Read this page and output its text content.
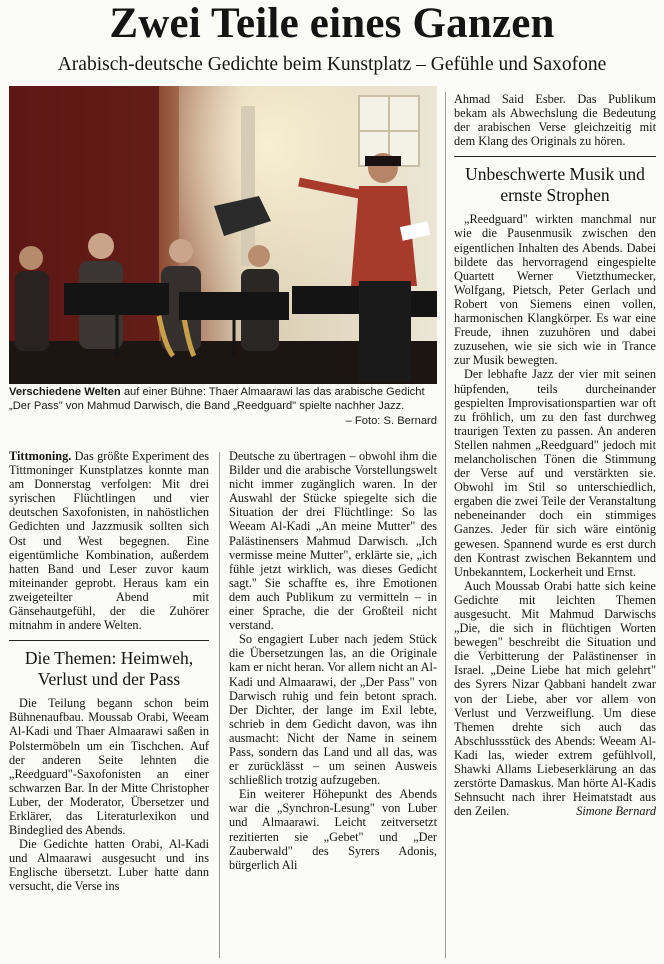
Zwei Teile eines Ganzen
Arabisch-deutsche Gedichte beim Kunstplatz – Gefühle und Saxofone
Verschiedene Welten auf einer Bühne: Thaer Almaarawi las das arabische Gedicht „Der Pass" von Mahmud Darwisch, die Band „Reedguard" spielte nachher Jazz.
– Foto: S. Bernard

Tittmoning. Das größte Experiment des Tittmoninger Kunstplatzes konnte man am Donnerstag verfolgen: Mit drei syrischen Flüchtlingen und vier deutschen Saxofonisten, in nahöstlichen Gedichten und Jazzmusik sollten sich Ost und West begegnen. Eine eigentümliche Kombination, außerdem hatten Band und Leser zuvor kaum miteinander geprobt. Heraus kam ein zweigeteilter Abend mit Gänsehautgefühl, der die Zuhörer mitnahm in andere Welten.

Die Themen: Heimweh, Verlust und der Pass

Die Teilung begann schon beim Bühnenaufbau. Moussab Orabi, Weeam Al-Kadi und Thaer Almaarawi saßen in Polstermöbeln um ein Tischchen. Auf der anderen Seite lehnten die „Reedguard"-Saxofonisten an einer schwarzen Bar. In der Mitte Christopher Luber, der Moderator, Übersetzer und Erklärer, das Literaturlexikon und Bindeglied des Abends.

Die Gedichte hatten Orabi, Al-Kadi und Almaarawi ausgesucht und ins Englische übersetzt. Luber hatte dann versucht, die Verse ins

Deutsche zu übertragen – obwohl ihm die Bilder und die arabische Vorstellungswelt nicht immer zugänglich waren. In der Auswahl der Stücke spiegelte sich die Situation der drei Flüchtlinge: So las Weeam Al-Kadi „An meine Mutter" des Palästinensers Mahmud Darwisch. „Ich vermisse meine Mutter", erklärte sie, „ich fühle jetzt wirklich, was dieses Gedicht sagt." Sie schaffte es, ihre Emotionen dem auch Publikum zu vermitteln – in einer Sprache, die der Großteil nicht verstand.

So engagiert Luber nach jedem Stück die Übersetzungen las, an die Originale kam er nicht heran. Vor allem nicht an Al-Kadi und Almaarawi, der „Der Pass" von Darwisch ruhig und fein betont sprach. Der Dichter, der lange im Exil lebte, schrieb in dem Gedicht davon, was ihn ausmacht: Nicht der Name in seinem Pass, sondern das Land und all das, was er zurücklässt – um seinen Ausweis schließlich trotzig aufzugeben.

Ein weiterer Höhepunkt des Abends war die „Synchron-Lesung" von Luber und Almaarawi. Leicht zeitversetzt rezitierten sie „Gebet" und „Der Zauberwald" des Syrers Adonis, bürgerlich Ali

Ahmad Said Esber. Das Publikum bekam als Abwechslung die Bedeutung der arabischen Verse gleichzeitig mit dem Klang des Originals zu hören.

Unbeschwerte Musik und ernste Strophen

„Reedguard" wirkten manchmal nur wie die Pausenmusik zwischen den eigentlichen Inhalten des Abends. Dabei bildete das hervorragend eingespielte Quartett Werner Vietzthumecker, Wolfgang, Pietsch, Peter Gerlach und Robert von Siemens einen vollen, harmonischen Klangkörper. Es war eine Freude, ihnen zuzuhören und dabei zuzusehen, wie sie sich wie in Trance zur Musik bewegten.

Der lebhafte Jazz der vier mit seinen hüpfenden, teils durcheinander gespielten Improvisationspartien war oft zu fröhlich, um zu den fast durchweg traurigen Texten zu passen. An anderen Stellen nahmen „Reedguard" jedoch mit melancholischen Tönen die Stimmung der Verse auf und verstärkten sie. Obwohl im Stil so unterschiedlich, ergaben die zwei Teile der Veranstaltung nebeneinander doch ein stimmiges Ganzes. Jeder für sich wäre eintönig gewesen. Spannend wurde es erst durch den Kontrast zwischen Bekanntem und Unbekanntem, Lockerheit und Ernst.

Auch Moussab Orabi hatte sich keine Gedichte mit leichten Themen ausgesucht. Mit Mahmud Darwischs „Die, die sich in flüchtigen Worten bewegen" beschreibt die Situation und die Verbitterung der Palästinenser in Israel. „Deine Liebe hat mich gelehrt" des Syrers Nizar Qabbani handelt zwar von der Liebe, aber vor allem von Verlust und Verzweiflung. Um diese Themen drehte sich auch das Abschlussstück des Abends: Weeam Al-Kadi las, wieder extrem gefühlvoll, Shawki Allams Liebeserklärung an das zerstörte Damaskus. Man hörte Al-Kadis Sehnsucht nach ihrer Heimatstadt aus den Zeilen.	Simone Bernard
